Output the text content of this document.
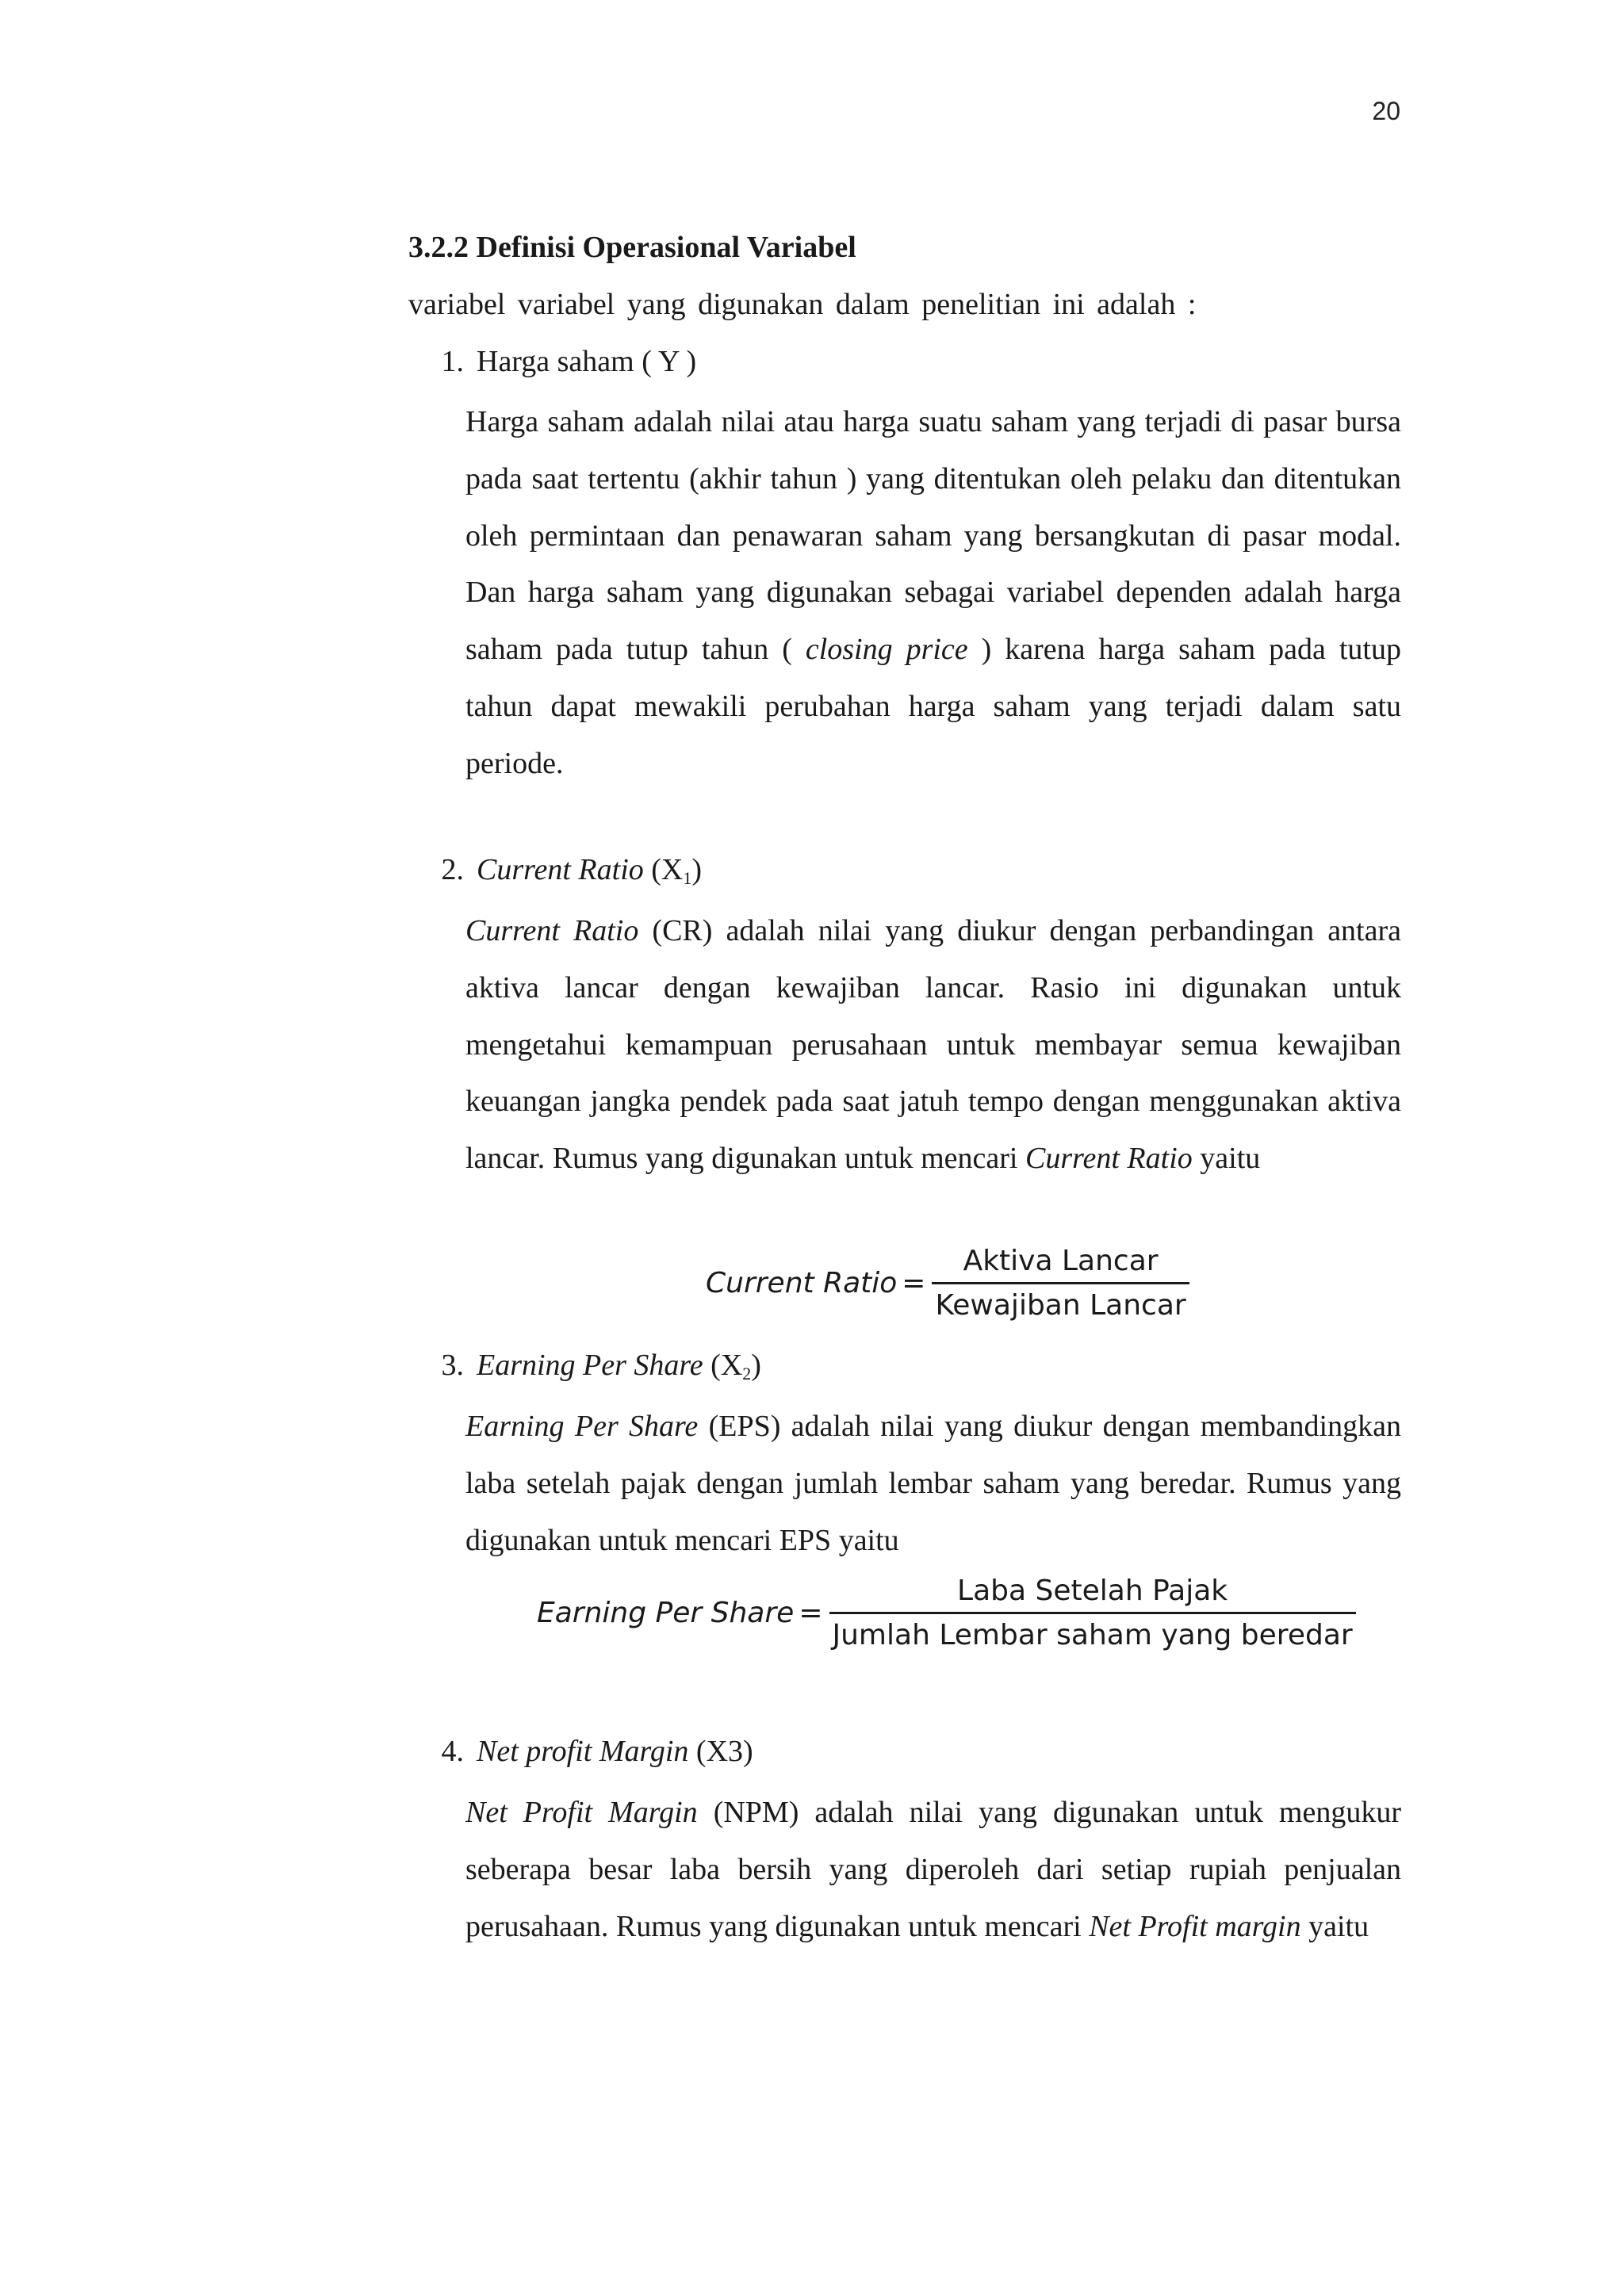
20
3.2.2 Definisi Operasional Variabel
variabel variabel yang digunakan dalam penelitian ini adalah :
1. Harga saham ( Y )
Harga saham adalah nilai atau harga suatu saham yang terjadi di pasar bursa pada saat tertentu (akhir tahun ) yang ditentukan oleh pelaku dan ditentukan oleh permintaan dan penawaran saham yang bersangkutan di pasar modal. Dan harga saham yang digunakan sebagai variabel dependen adalah harga saham pada tutup tahun ( closing price ) karena harga saham pada tutup tahun dapat mewakili perubahan harga saham yang terjadi dalam satu periode.
2. Current Ratio $(X_1)$
Current Ratio (CR) adalah nilai yang diukur dengan perbandingan antara aktiva lancar dengan kewajiban lancar. Rasio ini digunakan untuk mengetahui kemampuan perusahaan untuk membayar semua kewajiban keuangan jangka pendek pada saat jatuh tempo dengan menggunakan aktiva lancar. Rumus yang digunakan untuk mencari Current Ratio yaitu
Current Ratio = $\frac{\text{Aktiva Lancar}}{\text{Kewajiban Lancar}}$
3. Earning Per Share $(X_2)$
Earning Per Share (EPS) adalah nilai yang diukur dengan membandingkan laba setelah pajak dengan jumlah lembar saham yang beredar. Rumus yang digunakan untuk mencari EPS yaitu
Earning Per Share = $\frac{\text{Laba Setelah Pajak}}{\text{Jumlah Lembar saham yang beredar}}$
4. Net profit Margin (X3)
Net Profit Margin (NPM) adalah nilai yang digunakan untuk mengukur seberapa besar laba bersih yang diperoleh dari setiap rupiah penjualan perusahaan. Rumus yang digunakan untuk mencari Net Profit margin yaitu
